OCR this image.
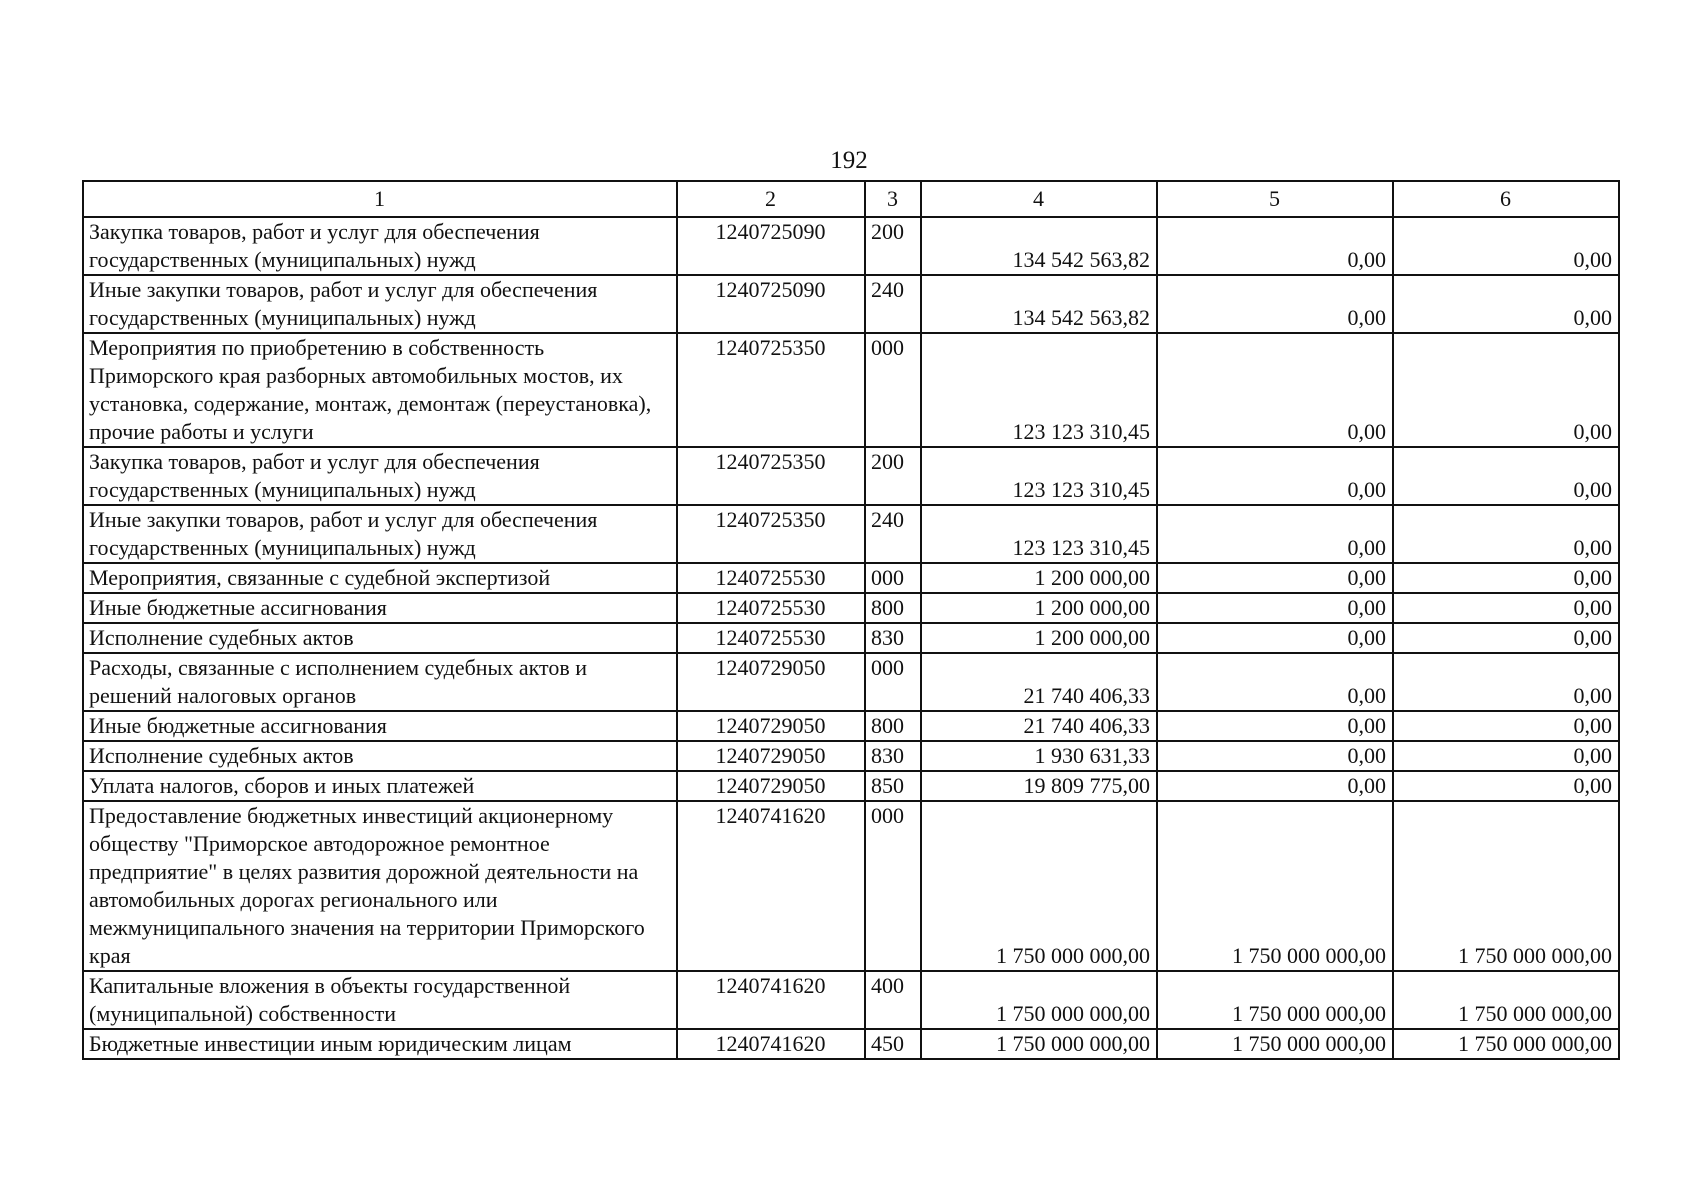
192
1	2	3	4	5	6
Закупка товаров, работ и услуг для обеспечения государственных (муниципальных) нужд	1240725090	200	134 542 563,82	0,00	0,00
Иные закупки товаров, работ и услуг для обеспечения государственных (муниципальных) нужд	1240725090	240	134 542 563,82	0,00	0,00
Мероприятия по приобретению в собственность Приморского края разборных автомобильных мостов, их установка, содержание, монтаж, демонтаж (переустановка), прочие работы и услуги	1240725350	000	123 123 310,45	0,00	0,00
Закупка товаров, работ и услуг для обеспечения государственных (муниципальных) нужд	1240725350	200	123 123 310,45	0,00	0,00
Иные закупки товаров, работ и услуг для обеспечения государственных (муниципальных) нужд	1240725350	240	123 123 310,45	0,00	0,00
Мероприятия, связанные с судебной экспертизой	1240725530	000	1 200 000,00	0,00	0,00
Иные бюджетные ассигнования	1240725530	800	1 200 000,00	0,00	0,00
Исполнение судебных актов	1240725530	830	1 200 000,00	0,00	0,00
Расходы, связанные с исполнением судебных актов и решений налоговых органов	1240729050	000	21 740 406,33	0,00	0,00
Иные бюджетные ассигнования	1240729050	800	21 740 406,33	0,00	0,00
Исполнение судебных актов	1240729050	830	1 930 631,33	0,00	0,00
Уплата налогов, сборов и иных платежей	1240729050	850	19 809 775,00	0,00	0,00
Предоставление бюджетных инвестиций акционерному обществу "Приморское автодорожное ремонтное предприятие" в целях развития дорожной деятельности на автомобильных дорогах регионального или межмуниципального значения на территории Приморского края	1240741620	000	1 750 000 000,00	1 750 000 000,00	1 750 000 000,00
Капитальные вложения в объекты государственной (муниципальной) собственности	1240741620	400	1 750 000 000,00	1 750 000 000,00	1 750 000 000,00
Бюджетные инвестиции иным юридическим лицам	1240741620	450	1 750 000 000,00	1 750 000 000,00	1 750 000 000,00
